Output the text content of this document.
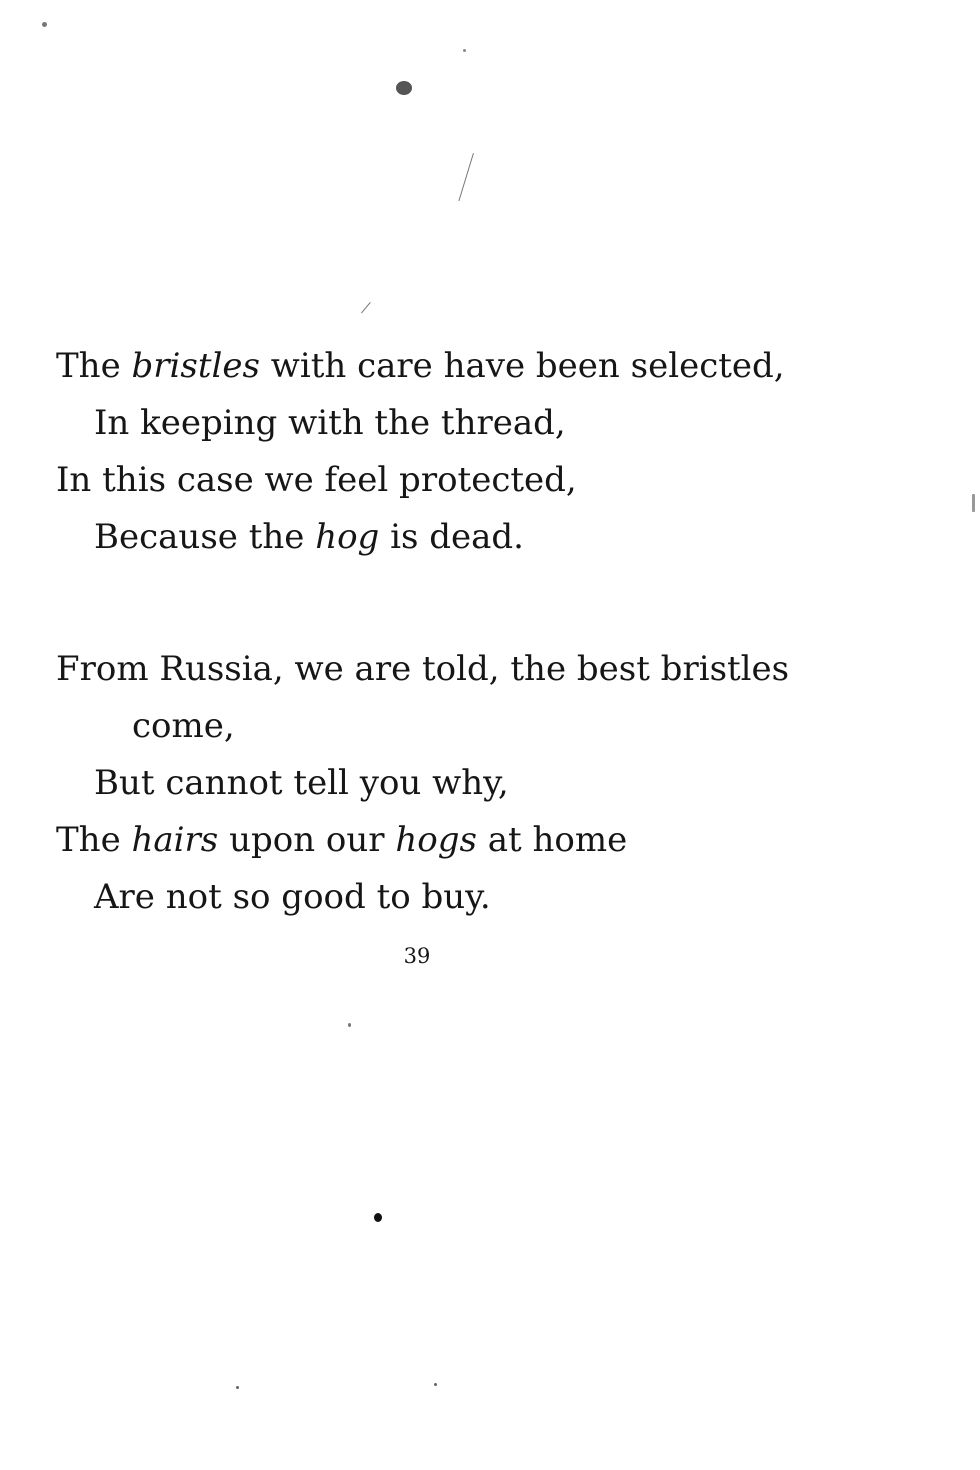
The bristles with care have been selected,
In keeping with the thread,
In this case we feel protected,
Because the hog is dead.
From Russia, we are told, the best bristles
come,
But cannot tell you why,
The hairs upon our hogs at home
Are not so good to buy.
39
